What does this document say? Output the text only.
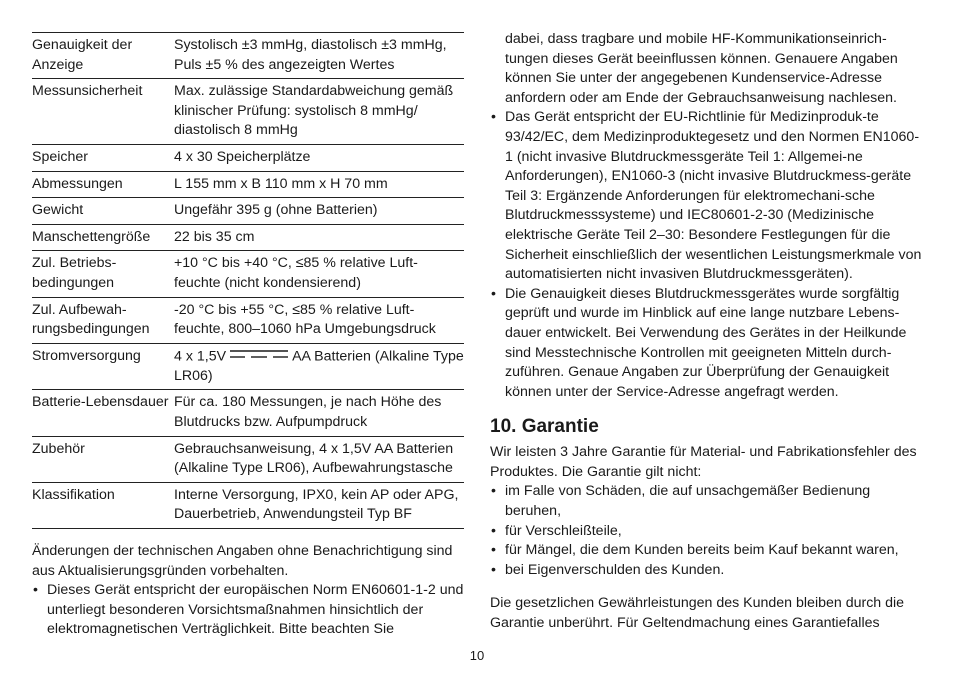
Genauigkeit der Anzeige	Systolisch ±3 mmHg, diastolisch ±3 mmHg, Puls ±5 % des angezeigten Wertes
Messunsicherheit	Max. zulässige Standardabweichung gemäß klinischer Prüfung: systolisch 8 mmHg/ diastolisch 8 mmHg
Speicher	4 x 30 Speicherplätze
Abmessungen	L 155 mm x B 110 mm x H 70 mm
Gewicht	Ungefähr 395 g (ohne Batterien)
Manschettengröße	22 bis 35 cm
Zul. Betriebs-bedingungen	+10 °C bis +40 °C, ≤85 % relative Luft-feuchte (nicht kondensierend)
Zul. Aufbewah-rungsbedingungen	-20 °C bis +55 °C, ≤85 % relative Luft-feuchte, 800–1060 hPa Umgebungsdruck
Stromversorgung	4 x 1,5V AA Batterien (Alkaline Type LR06)
Batterie-Lebensdauer	Für ca. 180 Messungen, je nach Höhe des Blutdrucks bzw. Aufpumpdruck
Zubehör	Gebrauchsanweisung, 4 x 1,5V AA Batterien (Alkaline Type LR06), Aufbewahrungstasche
Klassifikation	Interne Versorgung, IPX0, kein AP oder APG, Dauerbetrieb, Anwendungsteil Typ BF
Änderungen der technischen Angaben ohne Benachrichtigung sind aus Aktualisierungsgründen vorbehalten.
• Dieses Gerät entspricht der europäischen Norm EN60601-1-2 und unterliegt besonderen Vorsichtsmaßnahmen hinsichtlich der elektromagnetischen Verträglichkeit. Bitte beachten Sie
dabei, dass tragbare und mobile HF-Kommunikationseinrich-tungen dieses Gerät beeinflussen können. Genauere Angaben können Sie unter der angegebenen Kundenservice-Adresse anfordern oder am Ende der Gebrauchsanweisung nachlesen.
• Das Gerät entspricht der EU-Richtlinie für Medizinproduk-te 93/42/EC, dem Medizinproduktegesetz und den Normen EN1060-1 (nicht invasive Blutdruckmessgeräte Teil 1: Allgemei-ne Anforderungen), EN1060-3 (nicht invasive Blutdruckmess-geräte Teil 3: Ergänzende Anforderungen für elektromechani-sche Blutdruckmesssysteme) und IEC80601-2-30 (Medizinische elektrische Geräte Teil 2–30: Besondere Festlegungen für die Sicherheit einschließlich der wesentlichen Leistungsmerkmale von automatisierten nicht invasiven Blutdruckmessgeräten).
• Die Genauigkeit dieses Blutdruckmessgerätes wurde sorgfältig geprüft und wurde im Hinblick auf eine lange nutzbare Lebens-dauer entwickelt. Bei Verwendung des Gerätes in der Heilkunde sind Messtechnische Kontrollen mit geeigneten Mitteln durch-zuführen. Genaue Angaben zur Überprüfung der Genauigkeit können unter der Service-Adresse angefragt werden.
10. Garantie
Wir leisten 3 Jahre Garantie für Material- und Fabrikationsfehler des Produktes. Die Garantie gilt nicht:
• im Falle von Schäden, die auf unsachgemäßer Bedienung beruhen,
• für Verschleißteile,
• für Mängel, die dem Kunden bereits beim Kauf bekannt waren,
• bei Eigenverschulden des Kunden.
Die gesetzlichen Gewährleistungen des Kunden bleiben durch die Garantie unberührt. Für Geltendmachung eines Garantiefalles
10
